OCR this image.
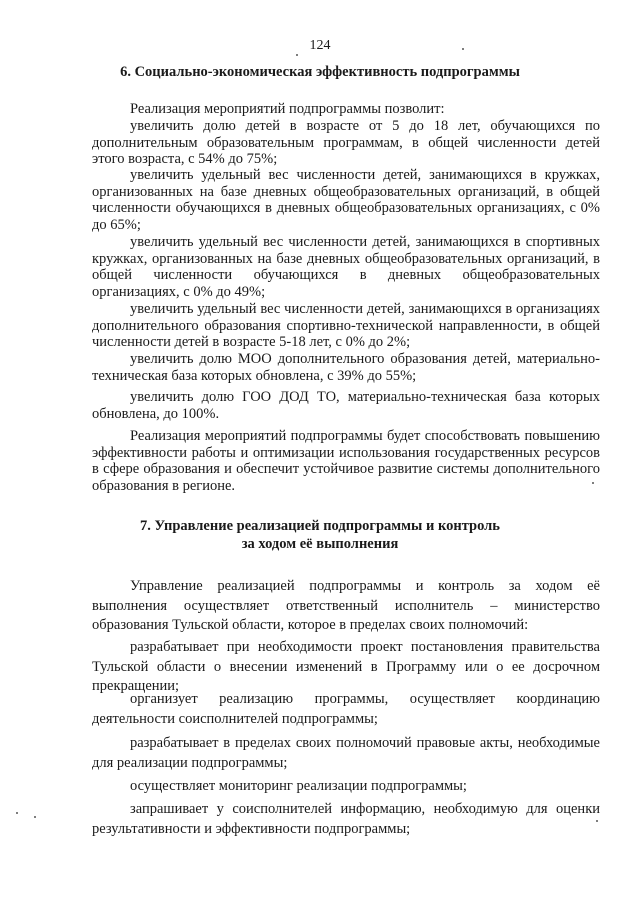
124
6. Социально-экономическая эффективность подпрограммы

Реализация мероприятий подпрограммы позволит:

увеличить долю детей в возрасте от 5 до 18 лет, обучающихся по дополнительным образовательным программам, в общей численности детей этого возраста, с 54% до 75%;

увеличить удельный вес численности детей, занимающихся в кружках, организованных на базе дневных общеобразовательных организаций, в общей численности обучающихся в дневных общеобразовательных организациях, с 0% до 65%;

увеличить удельный вес численности детей, занимающихся в спортивных кружках, организованных на базе дневных общеобразовательных организаций, в общей численности обучающихся в дневных общеобразовательных организациях, с 0% до 49%;

увеличить удельный вес численности детей, занимающихся в организациях дополнительного образования спортивно-технической направленности, в общей численности детей в возрасте 5-18 лет, с 0% до 2%;

увеличить долю МОО дополнительного образования детей, материально-техническая база которых обновлена, с 39% до 55%;

увеличить долю ГОО ДОД ТО, материально-техническая база которых обновлена, до 100%.

Реализация мероприятий подпрограммы будет способствовать повышению эффективности работы и оптимизации использования государственных ресурсов в сфере образования и обеспечит устойчивое развитие системы дополнительного образования в регионе.

7. Управление реализацией подпрограммы и контроль
за ходом её выполнения

Управление реализацией подпрограммы и контроль за ходом её выполнения осуществляет ответственный исполнитель – министерство образования Тульской области, которое в пределах своих полномочий:

разрабатывает при необходимости проект постановления правительства Тульской области о внесении изменений в Программу или о ее досрочном прекращении;

организует реализацию программы, осуществляет координацию деятельности соисполнителей подпрограммы;

разрабатывает в пределах своих полномочий правовые акты, необходимые для реализации подпрограммы;

осуществляет мониторинг реализации подпрограммы;

запрашивает у соисполнителей информацию, необходимую для оценки результативности и эффективности подпрограммы;
